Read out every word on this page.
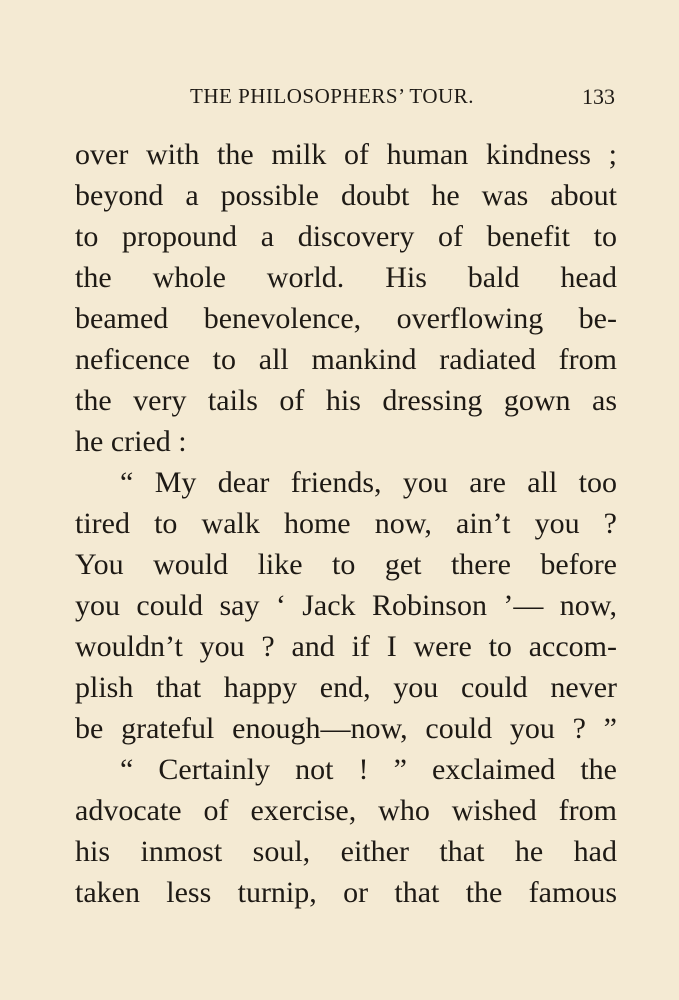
THE PHILOSOPHERS’ TOUR.	133
over with the milk of human kindness ;
beyond a possible doubt he was about
to propound a discovery of benefit to
the whole world. His bald head
beamed benevolence, overflowing be-
neficence to all mankind radiated from
the very tails of his dressing gown as
he cried :
“ My dear friends, you are all too
tired to walk home now, ain’t you ?
You would like to get there before
you could say ‘ Jack Robinson ’— now,
wouldn’t you ? and if I were to accom-
plish that happy end, you could never
be grateful enough—now, could you ? ”
“ Certainly not ! ” exclaimed the
advocate of exercise, who wished from
his inmost soul, either that he had
taken less turnip, or that the famous
